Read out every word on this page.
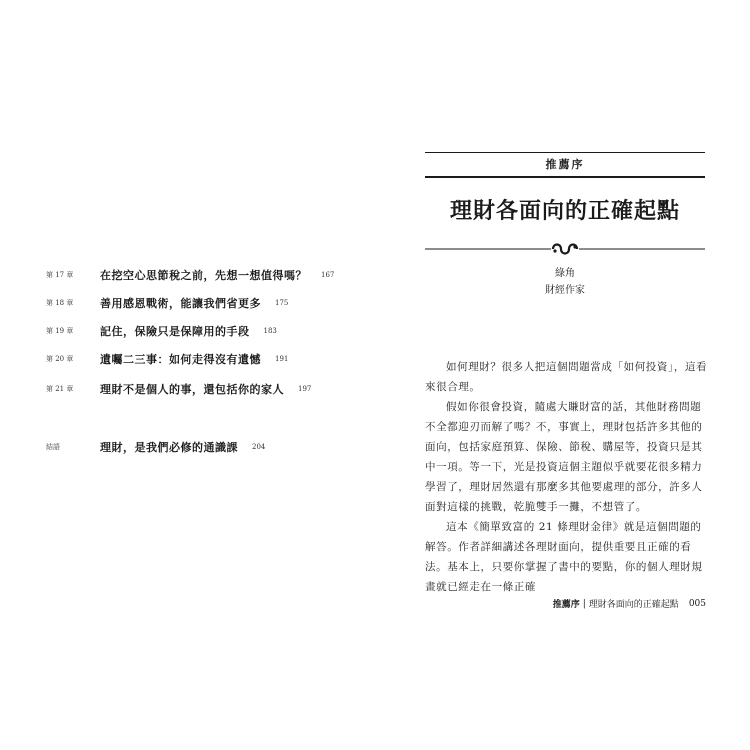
第 17 章	在挖空心思節稅之前，先想一想值得嗎？ 167
第 18 章	善用感恩戰術，能讓我們省更多 175
第 19 章	記住，保險只是保障用的手段 183
第 20 章	遺囑二三事：如何走得沒有遺憾 191
第 21 章	理財不是個人的事，還包括你的家人 197
結語	理財，是我們必修的通識課 204
推薦序
理財各面向的正確起點
綠角
財經作家

如何理財？很多人把這個問題當成「如何投資」，這看來很合理。

假如你很會投資，隨處大賺財富的話，其他財務問題不全都迎刃而解了嗎？不，事實上，理財包括許多其他的面向，包括家庭預算、保險、節稅、購屋等，投資只是其中一項。等一下，光是投資這個主題似乎就要花很多精力學習了，理財居然還有那麼多其他要處理的部分，許多人面對這樣的挑戰，乾脆雙手一攤，不想管了。

這本《簡單致富的 21 條理財金律》就是這個問題的解答。作者詳細講述各理財面向，提供重要且正確的看法。基本上，只要你掌握了書中的要點，你的個人理財規畫就已經走在一條正確

推薦序 | 理財各面向的正確起點 005
